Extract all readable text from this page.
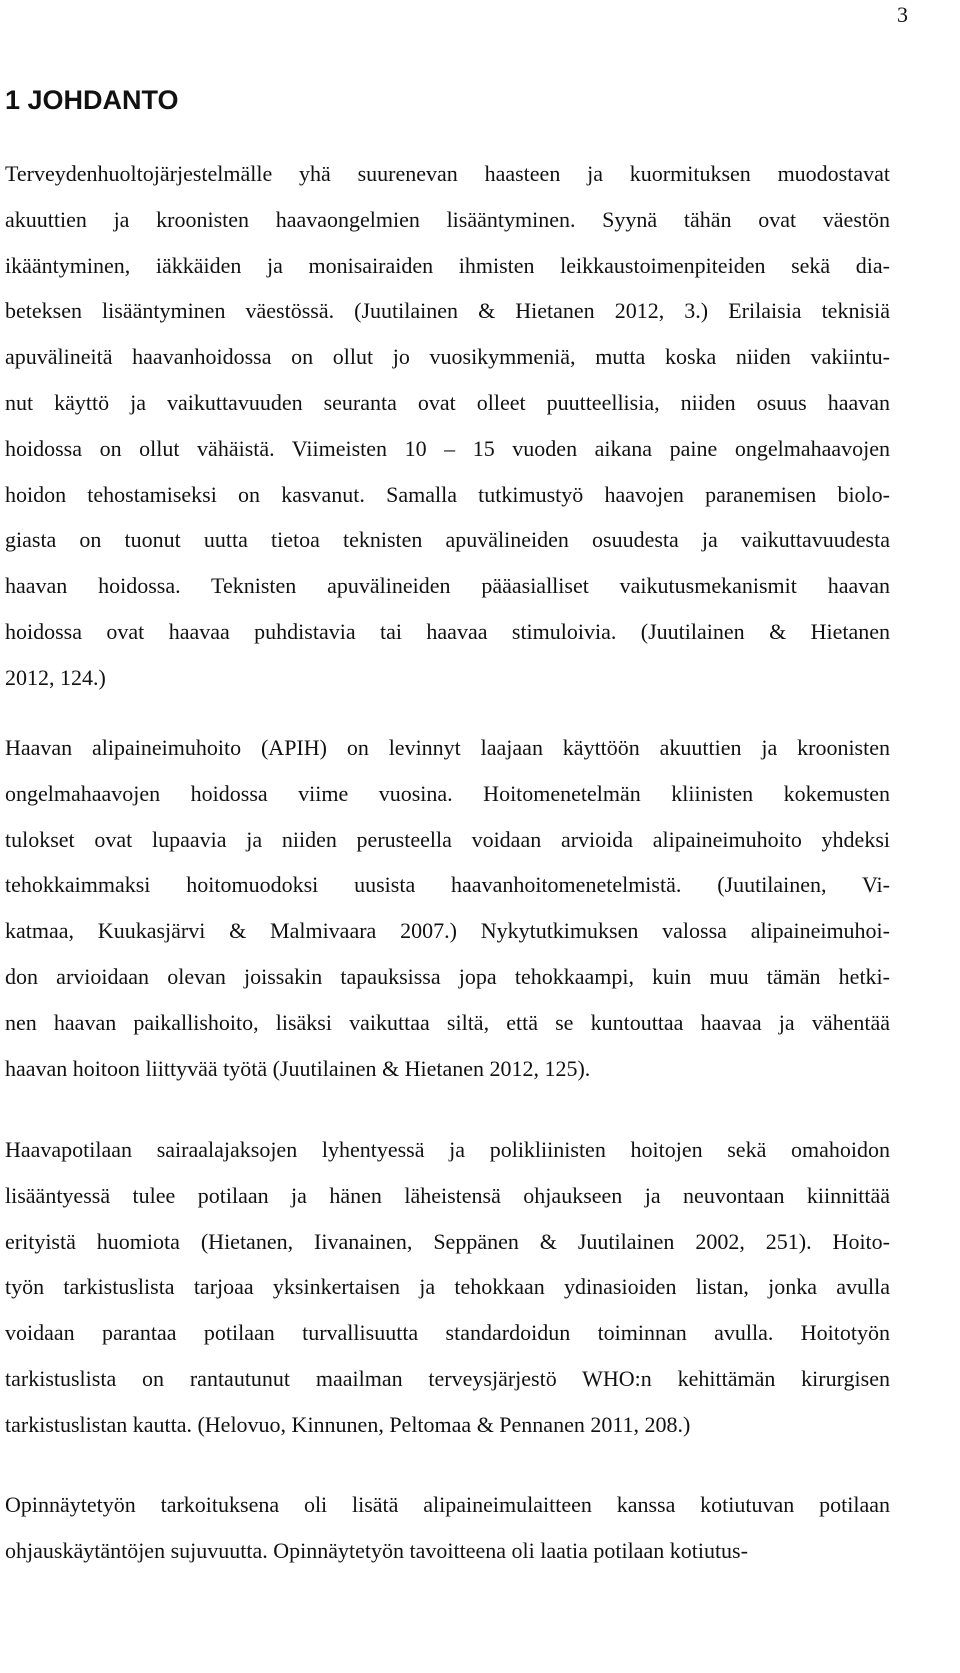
3
1 JOHDANTO

Terveydenhuoltojärjestelmälle yhä suurenevan haasteen ja kuormituksen muodostavat

akuuttien ja kroonisten haavaongelmien lisääntyminen. Syynä tähän ovat väestön

ikääntyminen, iäkkäiden ja monisairaiden ihmisten leikkaustoimenpiteiden sekä dia-

beteksen lisääntyminen väestössä. (Juutilainen & Hietanen 2012, 3.) Erilaisia teknisiä

apuvälineitä haavanhoidossa on ollut jo vuosikymmeniä, mutta koska niiden vakiintu-

nut käyttö ja vaikuttavuuden seuranta ovat olleet puutteellisia, niiden osuus haavan

hoidossa on ollut vähäistä. Viimeisten 10 – 15 vuoden aikana paine ongelmahaavojen

hoidon tehostamiseksi on kasvanut. Samalla tutkimustyö haavojen paranemisen biolo-

giasta on tuonut uutta tietoa teknisten apuvälineiden osuudesta ja vaikuttavuudesta

haavan hoidossa. Teknisten apuvälineiden pääasialliset vaikutusmekanismit haavan

hoidossa ovat haavaa puhdistavia tai haavaa stimuloivia. (Juutilainen & Hietanen

2012, 124.)

Haavan alipaineimuhoito (APIH) on levinnyt laajaan käyttöön akuuttien ja kroonisten

ongelmahaavojen hoidossa viime vuosina. Hoitomenetelmän kliinisten kokemusten

tulokset ovat lupaavia ja niiden perusteella voidaan arvioida alipaineimuhoito yhdeksi

tehokkaimmaksi hoitomuodoksi uusista haavanhoitomenetelmistä. (Juutilainen, Vi-

katmaa, Kuukasjärvi & Malmivaara 2007.) Nykytutkimuksen valossa alipaineimuhoi-

don arvioidaan olevan joissakin tapauksissa jopa tehokkaampi, kuin muu tämän hetki-

nen haavan paikallishoito, lisäksi vaikuttaa siltä, että se kuntouttaa haavaa ja vähentää

haavan hoitoon liittyvää työtä (Juutilainen & Hietanen 2012, 125).

Haavapotilaan sairaalajaksojen lyhentyessä ja polikliinisten hoitojen sekä omahoidon

lisääntyessä tulee potilaan ja hänen läheistensä ohjaukseen ja neuvontaan kiinnittää

erityistä huomiota (Hietanen, Iivanainen, Seppänen & Juutilainen 2002, 251). Hoito-

työn tarkistuslista tarjoaa yksinkertaisen ja tehokkaan ydinasioiden listan, jonka avulla

voidaan parantaa potilaan turvallisuutta standardoidun toiminnan avulla. Hoitotyön

tarkistuslista on rantautunut maailman terveysjärjestö WHO:n kehittämän kirurgisen

tarkistuslistan kautta. (Helovuo, Kinnunen, Peltomaa & Pennanen 2011, 208.)

Opinnäytetyön tarkoituksena oli lisätä alipaineimulaitteen kanssa kotiutuvan potilaan

ohjauskäytäntöjen sujuvuutta. Opinnäytetyön tavoitteena oli laatia potilaan kotiutus-
